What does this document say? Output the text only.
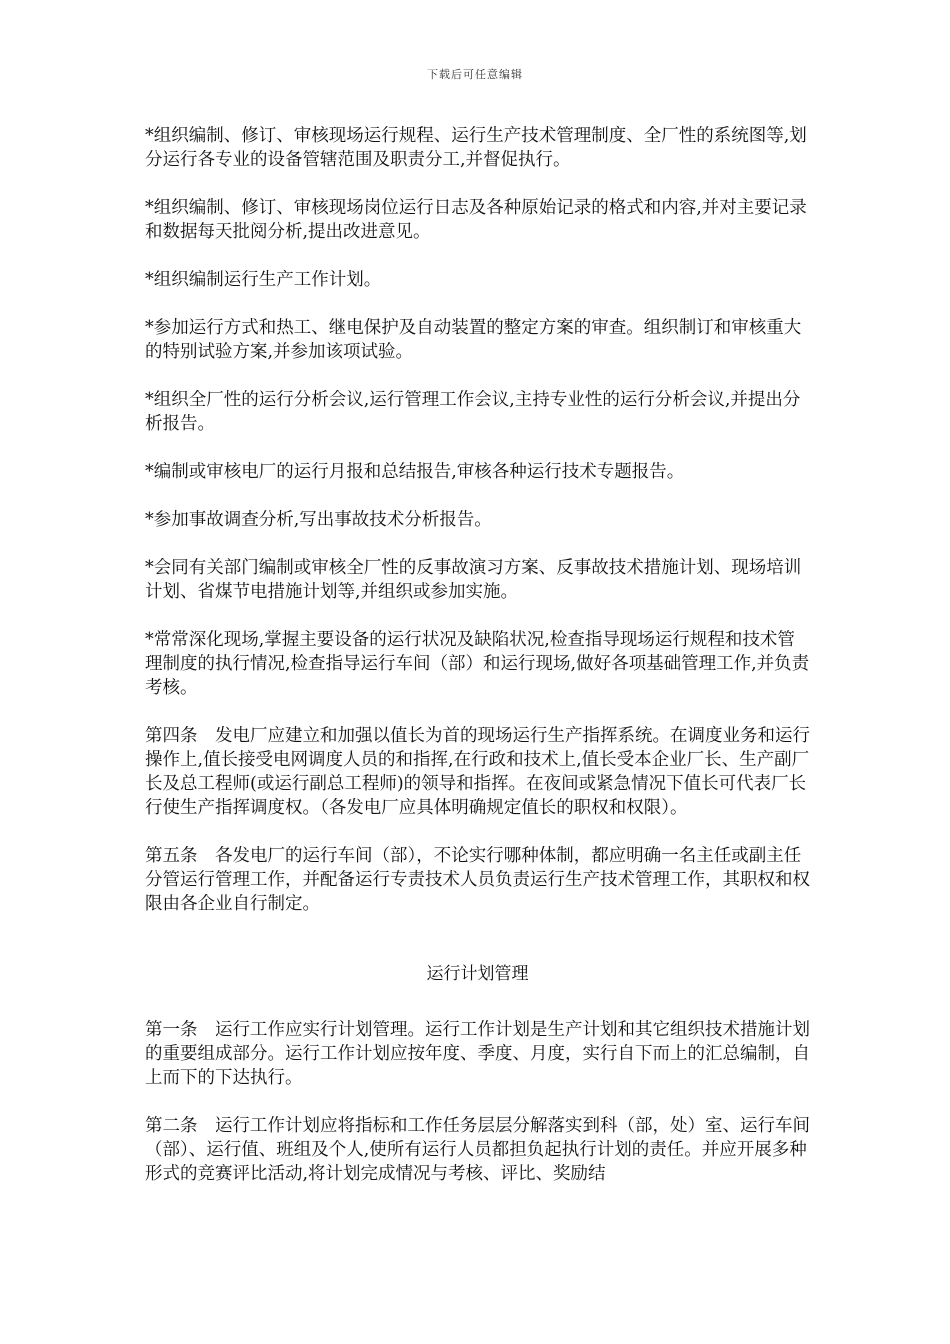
下载后可任意编辑

*组织编制、修订、审核现场运行规程、运行生产技术管理制度、全厂性的系统图等,划分运行各专业的设备管辖范围及职责分工,并督促执行。

*组织编制、修订、审核现场岗位运行日志及各种原始记录的格式和内容,并对主要记录和数据每天批阅分析,提出改进意见。

*组织编制运行生产工作计划。

*参加运行方式和热工、继电保护及自动装置的整定方案的审查。组织制订和审核重大的特别试验方案,并参加该项试验。

*组织全厂性的运行分析会议,运行管理工作会议,主持专业性的运行分析会议,并提出分析报告。

*编制或审核电厂的运行月报和总结报告,审核各种运行技术专题报告。

*参加事故调查分析,写出事故技术分析报告。

*会同有关部门编制或审核全厂性的反事故演习方案、反事故技术措施计划、现场培训计划、省煤节电措施计划等,并组织或参加实施。

*常常深化现场,掌握主要设备的运行状况及缺陷状况,检查指导现场运行规程和技术管理制度的执行情况,检查指导运行车间（部）和运行现场,做好各项基础管理工作,并负责考核。

第四条　发电厂应建立和加强以值长为首的现场运行生产指挥系统。在调度业务和运行操作上,值长接受电网调度人员的和指挥,在行政和技术上,值长受本企业厂长、生产副厂长及总工程师(或运行副总工程师)的领导和指挥。在夜间或紧急情况下值长可代表厂长行使生产指挥调度权。（各发电厂应具体明确规定值长的职权和权限）。

第五条　各发电厂的运行车间（部），不论实行哪种体制，都应明确一名主任或副主任分管运行管理工作，并配备运行专责技术人员负责运行生产技术管理工作，其职权和权限由各企业自行制定。

运行计划管理

第一条　运行工作应实行计划管理。运行工作计划是生产计划和其它组织技术措施计划的重要组成部分。运行工作计划应按年度、季度、月度，实行自下而上的汇总编制，自上而下的下达执行。

第二条　运行工作计划应将指标和工作任务层层分解落实到科（部，处）室、运行车间（部）、运行值、班组及个人,使所有运行人员都担负起执行计划的责任。并应开展多种形式的竞赛评比活动,将计划完成情况与考核、评比、奖励结
